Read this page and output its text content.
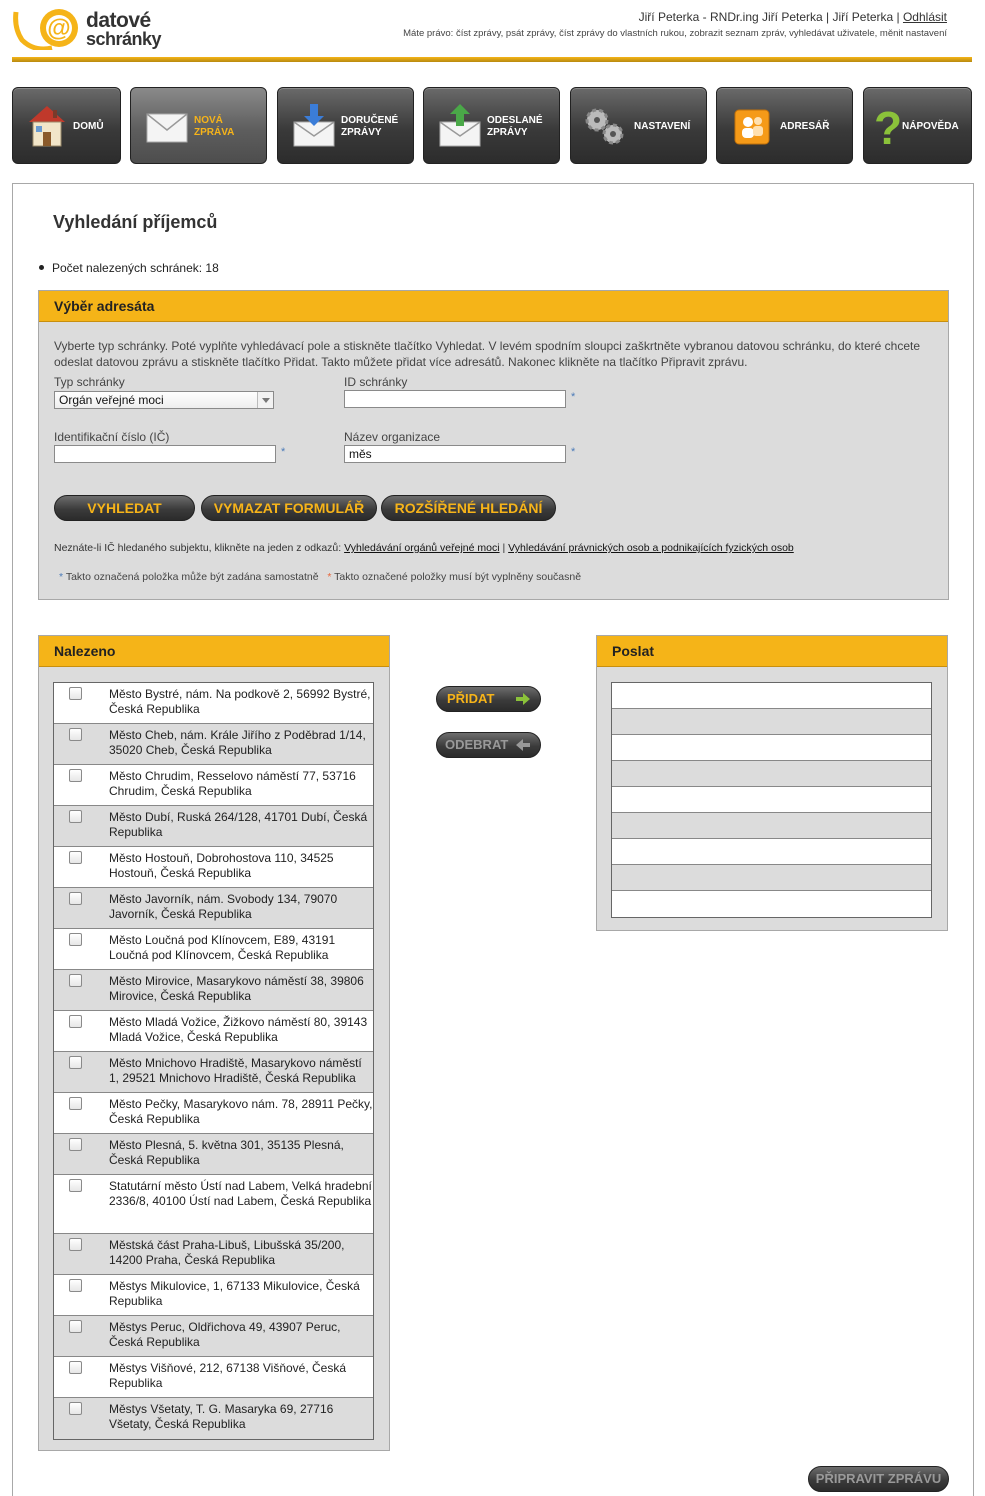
@ datové
schránky
Jiří Peterka - RNDr.ing Jiří Peterka | Jiří Peterka | Odhlásit
Máte právo: číst zprávy, psát zprávy, číst zprávy do vlastních rukou, zobrazit seznam zpráv, vyhledávat uživatele, měnit nastavení
DOMŮ
NOVÁ
ZPRÁVA
DORUČENÉ
ZPRÁVY
ODESLANÉ
ZPRÁVY
NASTAVENÍ	ADRESÁŘ ? NÁPOVĚDA
Vyhledání příjemců
Počet nalezených schránek: 18
Výběr adresáta
Vyberte typ schránky. Poté vyplňte vyhledávací pole a stiskněte tlačítko Vyhledat. V levém spodním sloupci zaškrtněte vybranou datovou schránku, do které chcete odeslat datovou zprávu a stiskněte tlačítko Přidat. Takto můžete přidat více adresátů. Nakonec klikněte na tlačítko Připravit zprávu.
Typ schránky
Orgán veřejné moci
ID schránky
*
Identifikační číslo (IČ)
*
Název organizace
měs	*
VYHLEDAT	VYMAZAT FORMULÁŘ	ROZŠÍŘENÉ HLEDÁNÍ
Neznáte-li IČ hledaného subjektu, klikněte na jeden z odkazů: Vyhledávání orgánů veřejné moci | Vyhledávání právnických osob a podnikajících fyzických osob
* Takto označená položka může být zadána samostatně * Takto označené položky musí být vyplněny současně
Nalezeno
Město Bystré, nám. Na podkově 2, 56992 Bystré, Česká Republika
Město Cheb, nám. Krále Jiřího z Poděbrad 1/14, 35020 Cheb, Česká Republika
Město Chrudim, Resselovo náměstí 77, 53716 Chrudim, Česká Republika
Město Dubí, Ruská 264/128, 41701 Dubí, Česká Republika
Město Hostouň, Dobrohostova 110, 34525 Hostouň, Česká Republika
Město Javorník, nám. Svobody 134, 79070 Javorník, Česká Republika
Město Loučná pod Klínovcem, E89, 43191 Loučná pod Klínovcem, Česká Republika
Město Mirovice, Masarykovo náměstí 38, 39806 Mirovice, Česká Republika
Město Mladá Vožice, Žižkovo náměstí 80, 39143 Mladá Vožice, Česká Republika
Město Mnichovo Hradiště, Masarykovo náměstí 1, 29521 Mnichovo Hradiště, Česká Republika
Město Pečky, Masarykovo nám. 78, 28911 Pečky, Česká Republika
Město Plesná, 5. května 301, 35135 Plesná, Česká Republika
Statutární město Ústí nad Labem, Velká hradební 2336/8, 40100 Ústí nad Labem, Česká Republika
Městská část Praha-Libuš, Libušská 35/200, 14200 Praha, Česká Republika
Městys Mikulovice, 1, 67133 Mikulovice, Česká Republika
Městys Peruc, Oldřichova 49, 43907 Peruc, Česká Republika
Městys Višňové, 212, 67138 Višňové, Česká Republika
Městys Všetaty, T. G. Masaryka 69, 27716 Všetaty, Česká Republika
PŘIDAT
ODEBRAT
Poslat
PŘIPRAVIT ZPRÁVU
